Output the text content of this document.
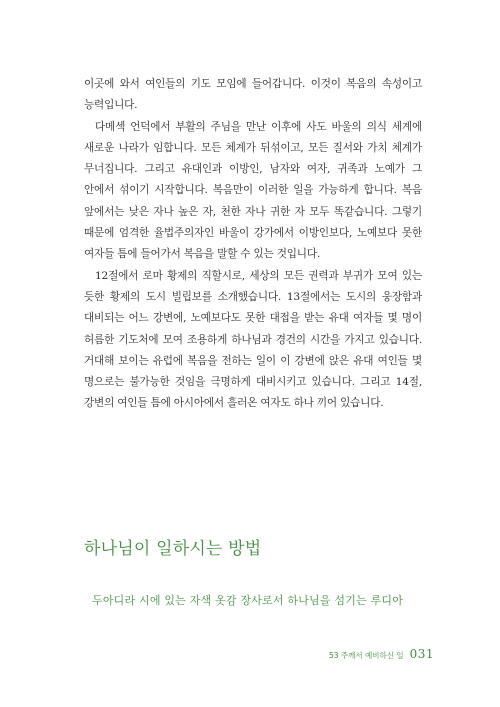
이곳에 와서 여인들의 기도 모임에 들어갑니다. 이것이 복음의 속성이고 능력입니다.

다메섹 언덕에서 부활의 주님을 만난 이후에 사도 바울의 의식 세계에 새로운 나라가 임합니다. 모든 체계가 뒤섞이고, 모든 질서와 가치 체계가 무너집니다. 그리고 유대인과 이방인, 남자와 여자, 귀족과 노예가 그 안에서 섞이기 시작합니다. 복음만이 이러한 일을 가능하게 합니다. 복음 앞에서는 낮은 자나 높은 자, 천한 자나 귀한 자 모두 똑같습니다. 그렇기 때문에 엄격한 율법주의자인 바울이 강가에서 이방인보다, 노예보다 못한 여자들 틈에 들어가서 복음을 말할 수 있는 것입니다.

12절에서 로마 황제의 직할시로, 세상의 모든 권력과 부귀가 모여 있는 듯한 황제의 도시 빌립보를 소개했습니다. 13절에서는 도시의 웅장함과 대비되는 어느 강변에, 노예보다도 못한 대접을 받는 유대 여자들 몇 명이 허름한 기도처에 모여 조용하게 하나님과 경건의 시간을 가지고 있습니다. 거대해 보이는 유럽에 복음을 전하는 일이 이 강변에 앉은 유대 여인들 몇 명으로는 불가능한 것임을 극명하게 대비시키고 있습니다. 그리고 14절, 강변의 여인들 틈에 아시아에서 흘러온 여자도 하나 끼어 있습니다.

하나님이 일하시는 방법

두아디라 시에 있는 자색 옷감 장사로서 하나님을 섬기는 루디아

53 주께서 예비하신 일 031
